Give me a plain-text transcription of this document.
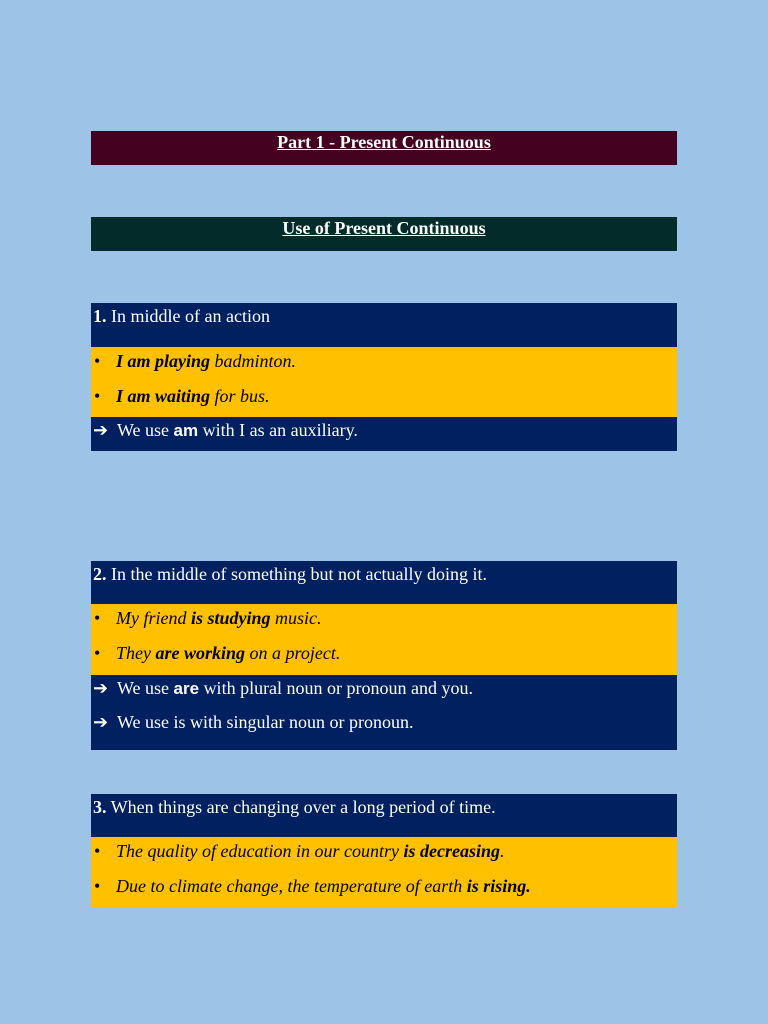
Part 1 - Present Continuous
Use of Present Continuous
1. In middle of an action
• I am playing badminton.
• I am waiting for bus.
➔ We use am with I as an auxiliary.
2. In the middle of something but not actually doing it.
• My friend is studying music.
• They are working on a project.
➔ We use are with plural noun or pronoun and you.
➔ We use is with singular noun or pronoun.
3. When things are changing over a long period of time.
• The quality of education in our country is decreasing.
• Due to climate change, the temperature of earth is rising.
